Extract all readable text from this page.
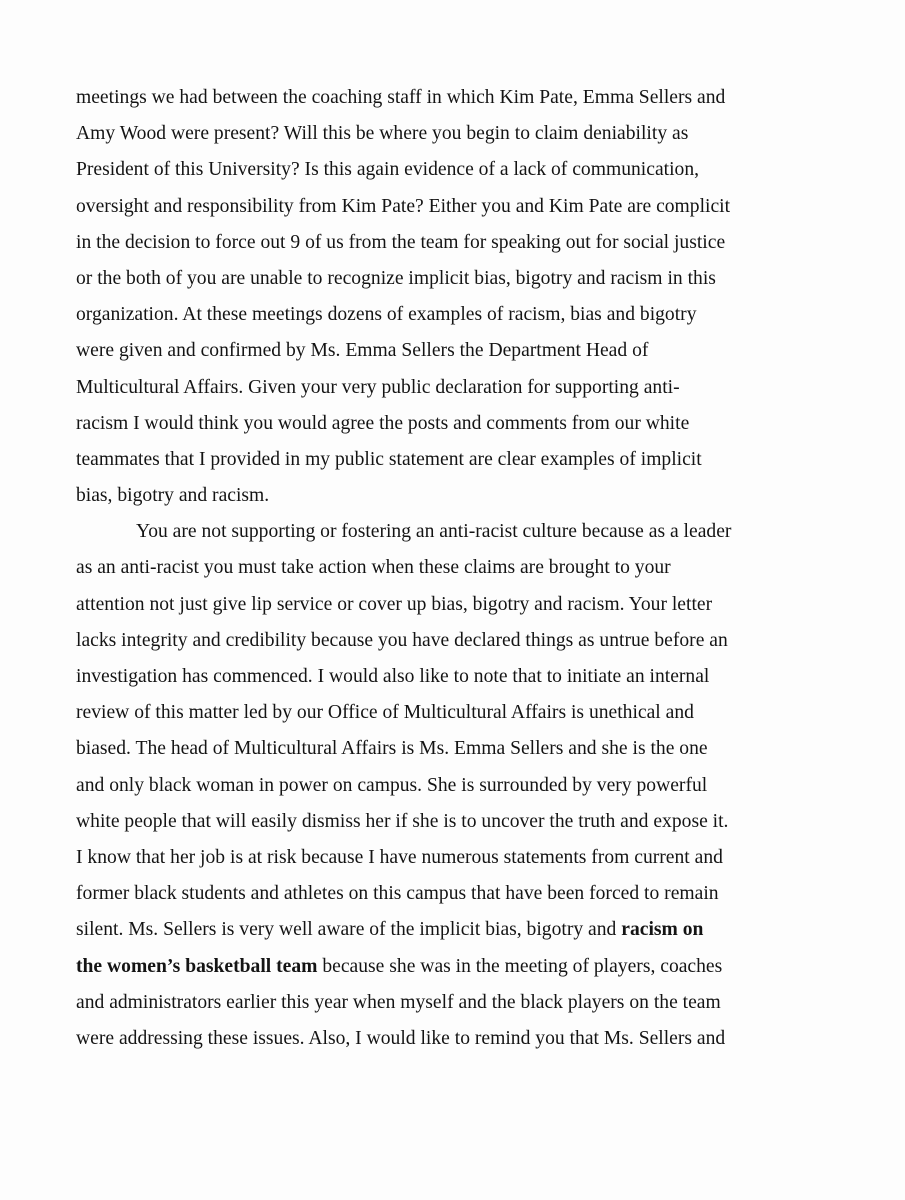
meetings we had between the coaching staff in which Kim Pate, Emma Sellers and
Amy Wood were present? Will this be where you begin to claim deniability as
President of this University? Is this again evidence of a lack of communication,
oversight and responsibility from Kim Pate? Either you and Kim Pate are complicit
in the decision to force out 9 of us from the team for speaking out for social justice
or the both of you are unable to recognize implicit bias, bigotry and racism in this
organization. At these meetings dozens of examples of racism, bias and bigotry
were given and confirmed by Ms. Emma Sellers the Department Head of
Multicultural Affairs. Given your very public declaration for supporting anti-
racism I would think you would agree the posts and comments from our white
teammates that I provided in my public statement are clear examples of implicit
bias, bigotry and racism.
You are not supporting or fostering an anti-racist culture because as a leader
as an anti-racist you must take action when these claims are brought to your
attention not just give lip service or cover up bias, bigotry and racism. Your letter
lacks integrity and credibility because you have declared things as untrue before an
investigation has commenced. I would also like to note that to initiate an internal
review of this matter led by our Office of Multicultural Affairs is unethical and
biased. The head of Multicultural Affairs is Ms. Emma Sellers and she is the one
and only black woman in power on campus. She is surrounded by very powerful
white people that will easily dismiss her if she is to uncover the truth and expose it.
I know that her job is at risk because I have numerous statements from current and
former black students and athletes on this campus that have been forced to remain
silent. Ms. Sellers is very well aware of the implicit bias, bigotry and racism on
the women’s basketball team because she was in the meeting of players, coaches
and administrators earlier this year when myself and the black players on the team
were addressing these issues. Also, I would like to remind you that Ms. Sellers and
